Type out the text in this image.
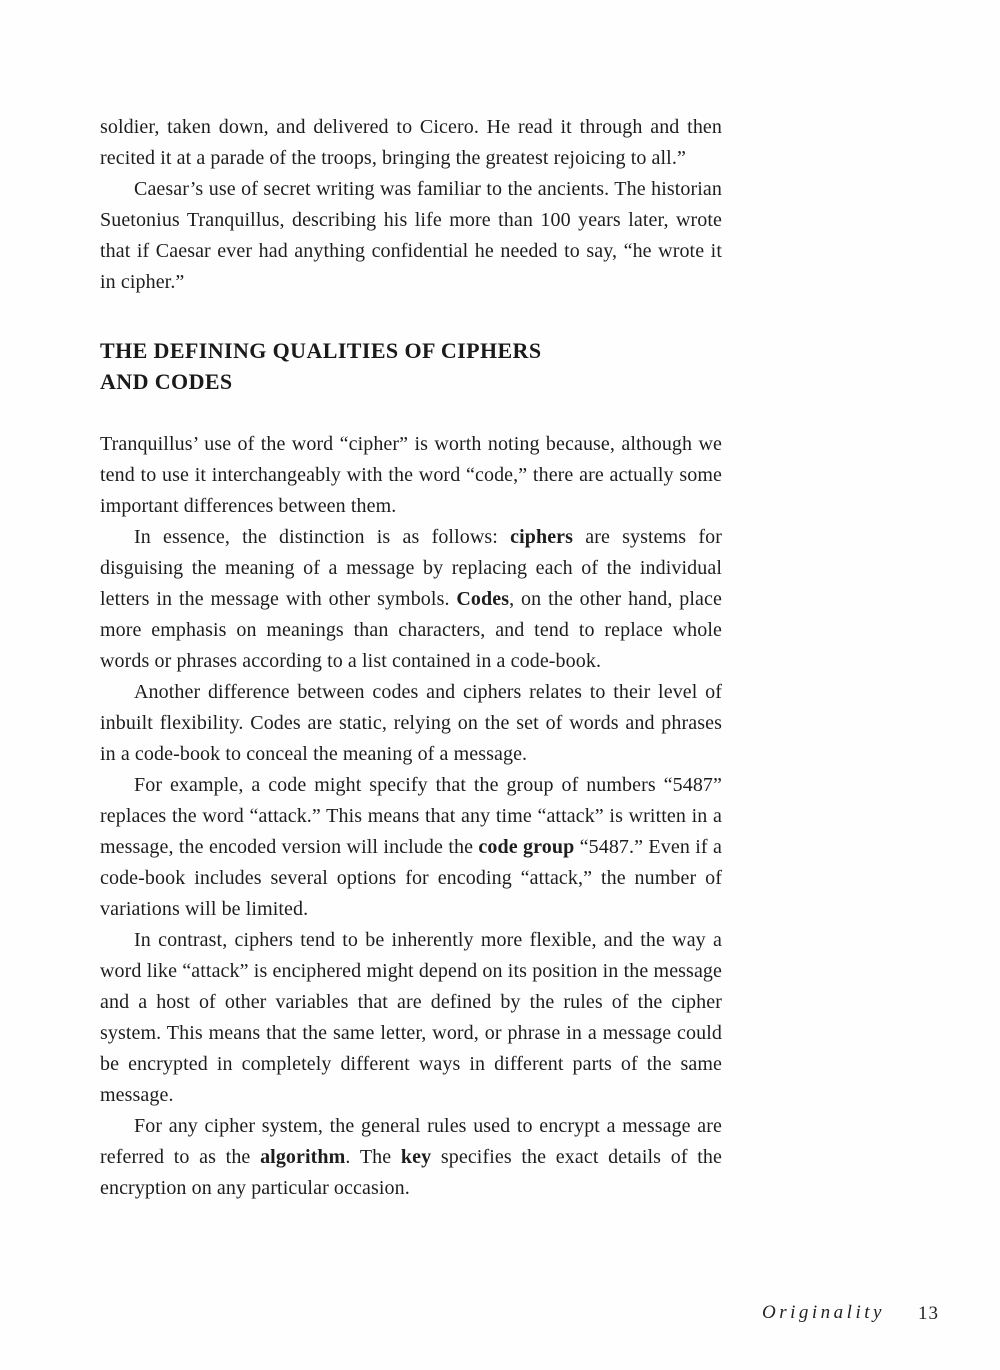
soldier, taken down, and delivered to Cicero. He read it through and then recited it at a parade of the troops, bringing the greatest rejoicing to all.”

Caesar’s use of secret writing was familiar to the ancients. The historian Suetonius Tranquillus, describing his life more than 100 years later, wrote that if Caesar ever had anything confidential he needed to say, “he wrote it in cipher.”

THE DEFINING QUALITIES OF CIPHERS
AND CODES

Tranquillus’ use of the word “cipher” is worth noting because, although we tend to use it interchangeably with the word “code,” there are actually some important differences between them.

In essence, the distinction is as follows: ciphers are systems for disguising the meaning of a message by replacing each of the individual letters in the message with other symbols. Codes, on the other hand, place more emphasis on meanings than characters, and tend to replace whole words or phrases according to a list contained in a code-book.

Another difference between codes and ciphers relates to their level of inbuilt flexibility. Codes are static, relying on the set of words and phrases in a code-book to conceal the meaning of a message.

For example, a code might specify that the group of numbers “5487” replaces the word “attack.” This means that any time “attack” is written in a message, the encoded version will include the code group “5487.” Even if a code-book includes several options for encoding “attack,” the number of variations will be limited.

In contrast, ciphers tend to be inherently more flexible, and the way a word like “attack” is enciphered might depend on its position in the message and a host of other variables that are defined by the rules of the cipher system. This means that the same letter, word, or phrase in a message could be encrypted in completely different ways in different parts of the same message.

For any cipher system, the general rules used to encrypt a message are referred to as the algorithm. The key specifies the exact details of the encryption on any particular occasion.

Originality 13
